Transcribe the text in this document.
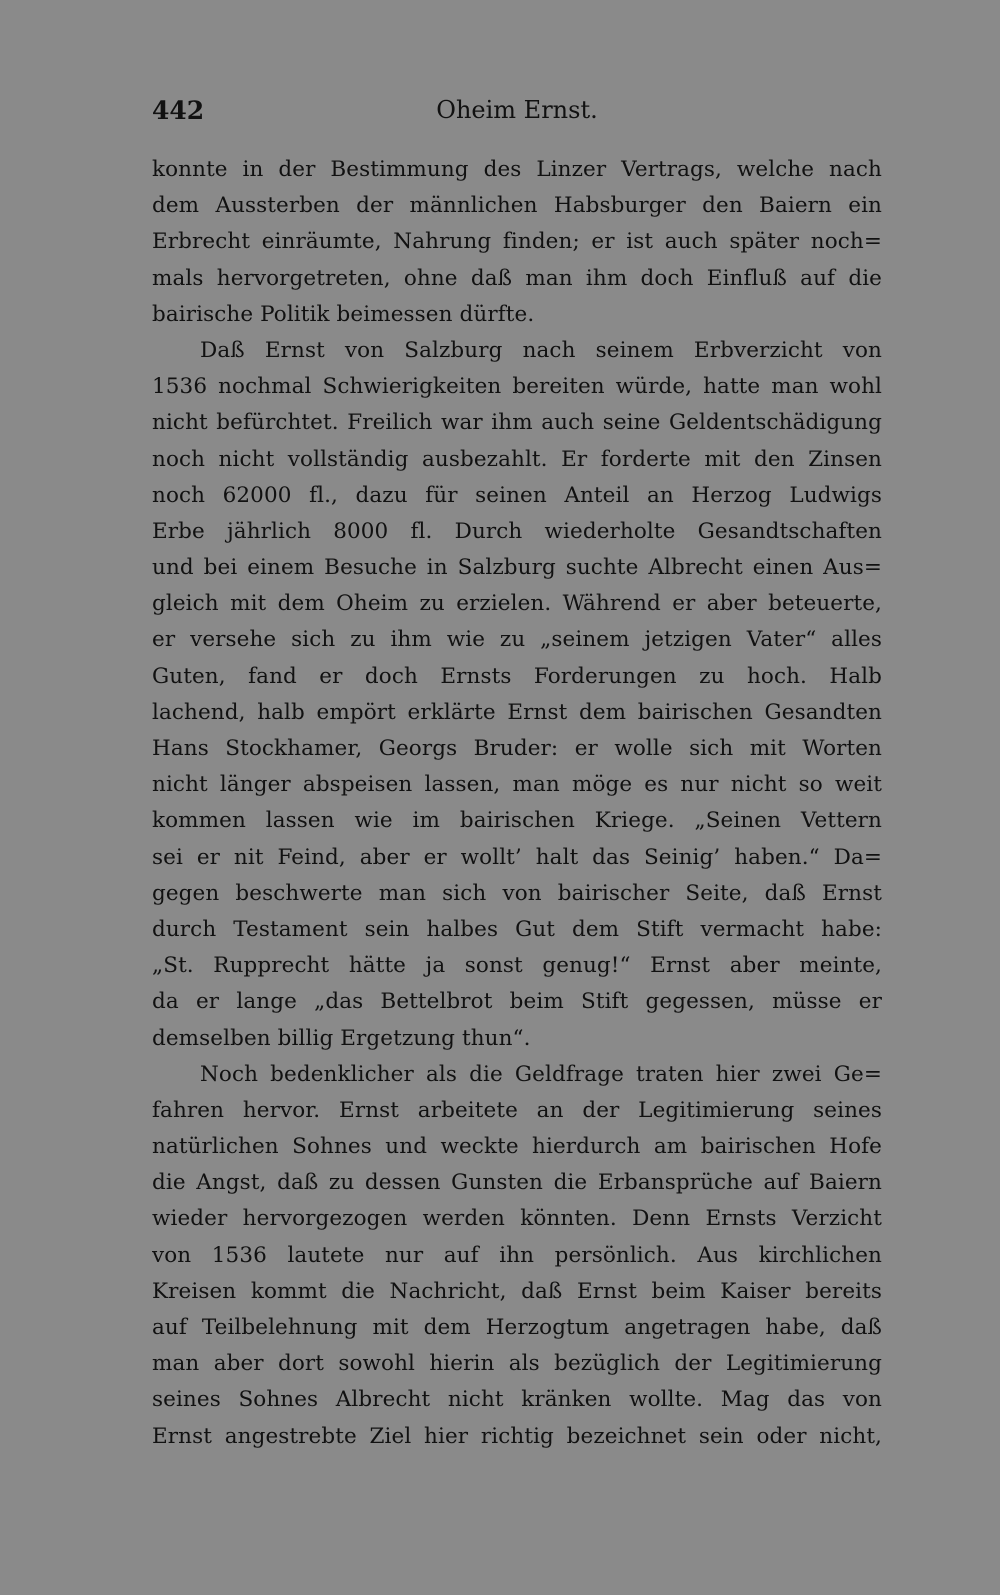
442	Oheim Ernst.
konnte in der Bestimmung des Linzer Vertrags, welche nach
dem Aussterben der männlichen Habsburger den Baiern ein
Erbrecht einräumte, Nahrung finden; er ist auch später noch=
mals hervorgetreten, ohne daß man ihm doch Einfluß auf die
bairische Politik beimessen dürfte.
Daß Ernst von Salzburg nach seinem Erbverzicht von
1536 nochmal Schwierigkeiten bereiten würde, hatte man wohl
nicht befürchtet. Freilich war ihm auch seine Geldentschädigung
noch nicht vollständig ausbezahlt. Er forderte mit den Zinsen
noch 62000 fl., dazu für seinen Anteil an Herzog Ludwigs
Erbe jährlich 8000 fl. Durch wiederholte Gesandtschaften
und bei einem Besuche in Salzburg suchte Albrecht einen Aus=
gleich mit dem Oheim zu erzielen. Während er aber beteuerte,
er versehe sich zu ihm wie zu „seinem jetzigen Vater“ alles
Guten, fand er doch Ernsts Forderungen zu hoch. Halb
lachend, halb empört erklärte Ernst dem bairischen Gesandten
Hans Stockhamer, Georgs Bruder: er wolle sich mit Worten
nicht länger abspeisen lassen, man möge es nur nicht so weit
kommen lassen wie im bairischen Kriege. „Seinen Vettern
sei er nit Feind, aber er wollt’ halt das Seinig’ haben.“ Da=
gegen beschwerte man sich von bairischer Seite, daß Ernst
durch Testament sein halbes Gut dem Stift vermacht habe:
„St. Rupprecht hätte ja sonst genug!“ Ernst aber meinte,
da er lange „das Bettelbrot beim Stift gegessen, müsse er
demselben billig Ergetzung thun“.
Noch bedenklicher als die Geldfrage traten hier zwei Ge=
fahren hervor. Ernst arbeitete an der Legitimierung seines
natürlichen Sohnes und weckte hierdurch am bairischen Hofe
die Angst, daß zu dessen Gunsten die Erbansprüche auf Baiern
wieder hervorgezogen werden könnten. Denn Ernsts Verzicht
von 1536 lautete nur auf ihn persönlich. Aus kirchlichen
Kreisen kommt die Nachricht, daß Ernst beim Kaiser bereits
auf Teilbelehnung mit dem Herzogtum angetragen habe, daß
man aber dort sowohl hierin als bezüglich der Legitimierung
seines Sohnes Albrecht nicht kränken wollte. Mag das von
Ernst angestrebte Ziel hier richtig bezeichnet sein oder nicht,
